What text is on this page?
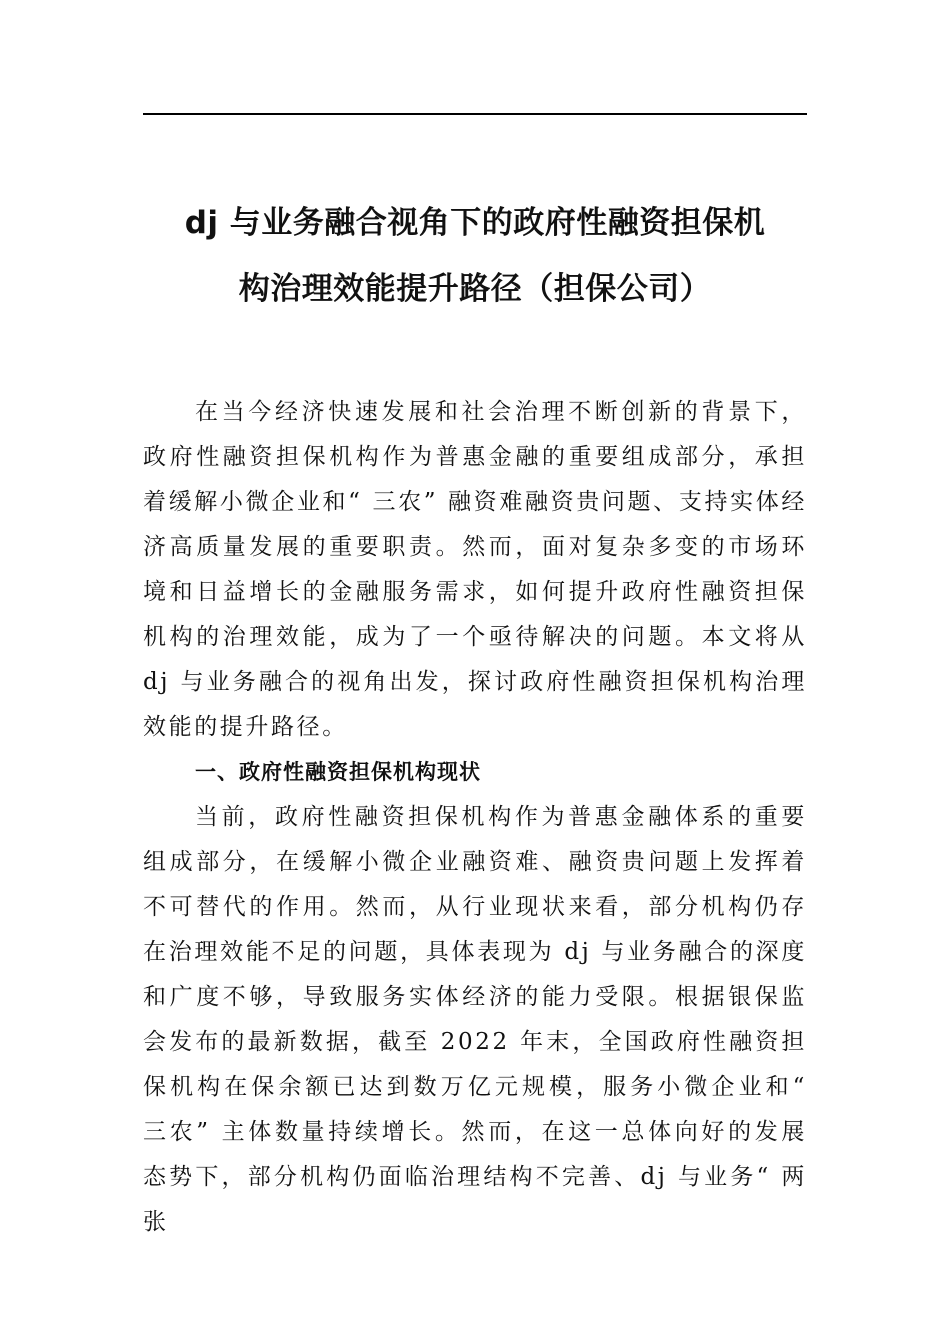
dj 与业务融合视角下的政府性融资担保机
构治理效能提升路径（担保公司）

在当今经济快速发展和社会治理不断创新的背景下，政府性融资担保机构作为普惠金融的重要组成部分，承担着缓解小微企业和“ 三农” 融资难融资贵问题、支持实体经济高质量发展的重要职责。然而，面对复杂多变的市场环境和日益增长的金融服务需求，如何提升政府性融资担保机构的治理效能，成为了一个亟待解决的问题。本文将从 dj 与业务融合的视角出发，探讨政府性融资担保机构治理效能的提升路径。

一、政府性融资担保机构现状

当前，政府性融资担保机构作为普惠金融体系的重要组成部分，在缓解小微企业融资难、融资贵问题上发挥着不可替代的作用。然而，从行业现状来看，部分机构仍存在治理效能不足的问题，具体表现为 dj 与业务融合的深度和广度不够，导致服务实体经济的能力受限。根据银保监会发布的最新数据，截至 2022 年末，全国政府性融资担保机构在保余额已达到数万亿元规模，服务小微企业和“ 三农” 主体数量持续增长。然而，在这一总体向好的发展态势下，部分机构仍面临治理结构不完善、dj 与业务“ 两张
